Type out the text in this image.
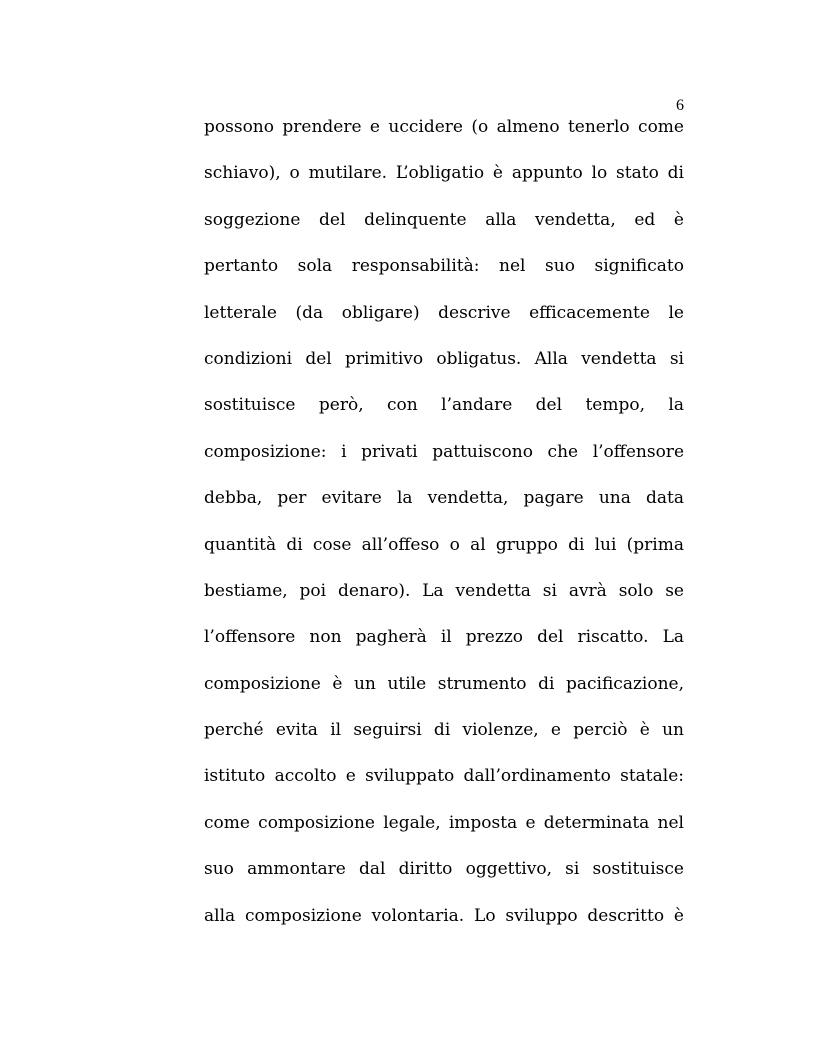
6
possono prendere e uccidere (o almeno tenerlo come
schiavo), o mutilare. L’obligatio è appunto lo stato di
soggezione del delinquente alla vendetta, ed è
pertanto sola responsabilità: nel suo significato
letterale (da obligare) descrive efficacemente le
condizioni del primitivo obligatus. Alla vendetta si
sostituisce però, con l’andare del tempo, la
composizione: i privati pattuiscono che l’offensore
debba, per evitare la vendetta, pagare una data
quantità di cose all’offeso o al gruppo di lui (prima
bestiame, poi denaro). La vendetta si avrà solo se
l’offensore non pagherà il prezzo del riscatto. La
composizione è un utile strumento di pacificazione,
perché evita il seguirsi di violenze, e perciò è un
istituto accolto e sviluppato dall’ordinamento statale:
come composizione legale, imposta e determinata nel
suo ammontare dal diritto oggettivo, si sostituisce
alla composizione volontaria. Lo sviluppo descritto è
